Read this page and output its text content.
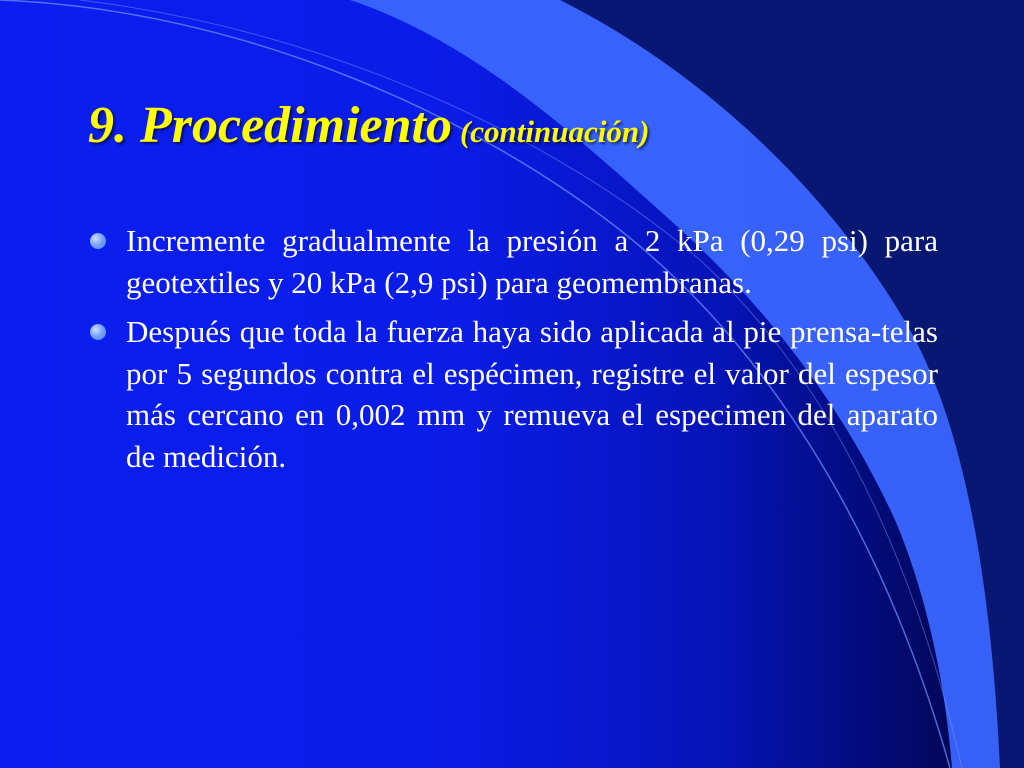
9. Procedimiento (continuación)
Incremente gradualmente la presión a 2 kPa (0,29 psi) para geotextiles y 20 kPa (2,9 psi) para geomembranas.
Después que toda la fuerza haya sido aplicada al pie prensa-telas por 5 segundos contra el espécimen, registre el valor del espesor más cercano en 0,002 mm y remueva el especimen del aparato de medición.
